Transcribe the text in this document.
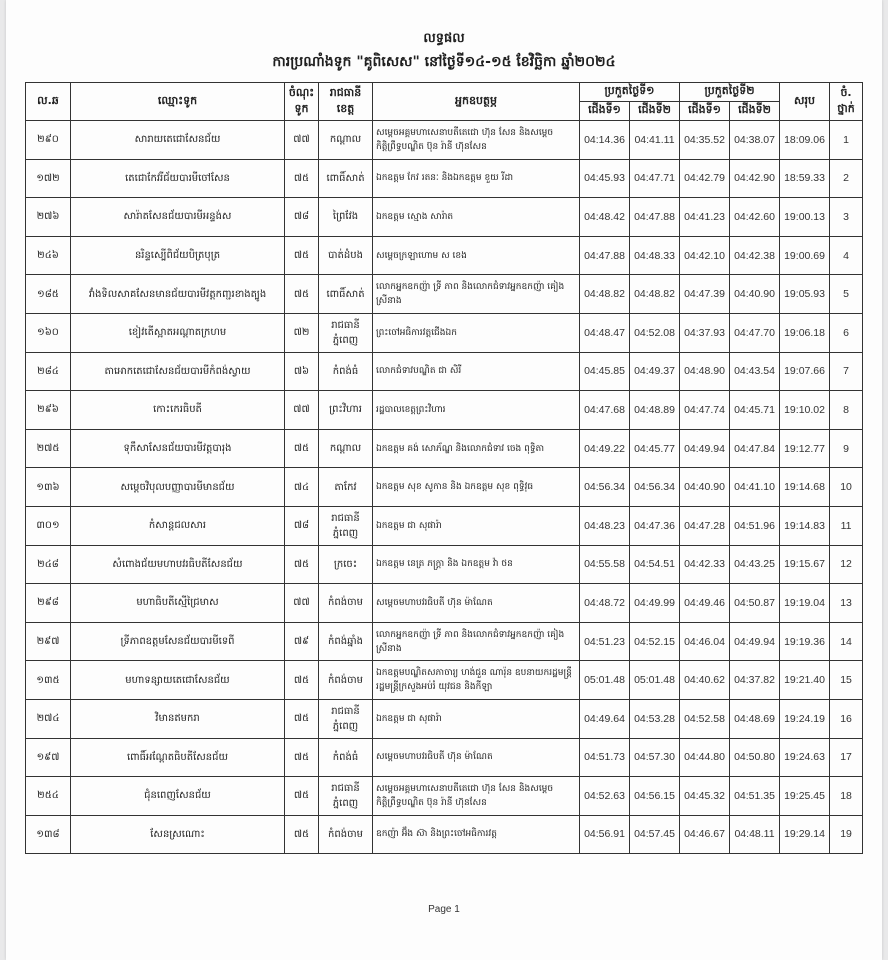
លទ្ធផល
ការប្រណាំងទូក "គូពិសេស" នៅថ្ងៃទី១៤-១៥ ខែវិច្ឆិកា ឆ្នាំ២០២៤
ល.ឆ	ឈ្មោះទូក	ចំណុះទូក	រាជធានីខេត្ត	អ្នកឧបត្ថម្ភ	ប្រកួតថ្ងៃទី១		ប្រកួតថ្ងៃទី២		សរុប	ចំ. ថ្នាក់
					ជើងទី១	ជើងទី២	ជើងទី១	ជើងទី២		
២៩០	សារាយតេជោសែនជ័យ	៧៧	កណ្តាល	សម្តេចអគ្គមហាសេនាបតីតេជោ ហ៊ុន សែន និងសម្តេចកិត្តិព្រឹទ្ធបណ្ឌិត ប៊ុន រ៉ានី ហ៊ុនសែន	04:14.36	04:41.11	04:35.52	04:38.07	18:09.06	1
១៧២	តេជោកែវរីជ័យបារមីចៅសែន	៧៥	ពោធិ៍សាត់	ឯកឧត្តម កែវ រតនៈ និងឯកឧត្តម ខួយ រីដា	04:45.93	04:47.71	04:42.79	04:42.90	18:59.33	2
២៧៦	សារ៉ាតសែនជ័យបារមីអន្ទង់ស	៧៨	ព្រៃវែង	ឯកឧត្តម ស្មោង សារ៉ាត	04:48.42	04:47.88	04:41.23	04:42.60	19:00.13	3
២៤៦	នរិន្ទស្បើពិជ័យបិត្របុត្រ	៧៥	បាត់ដំបង	សម្តេចក្រឡាហោម ស ខេង	04:47.88	04:48.33	04:42.10	04:42.38	19:00.69	4
១៨៥	វាំងទិលសាគសែនមានជ័យបារមីវត្តកញ្ជរខាងត្បូង	៧៥	ពោធិ៍សាត់	លោកអ្នកឧកញ៉ា ទ្រី ភាព និងលោកជំទាវអ្នកឧកញ៉ា គៀង ស្រីនាង	04:48.82	04:48.82	04:47.39	04:40.90	19:05.93	5
១៦០	ខៀវតើស្អាតអណ្តាតក្រហម	៧២	រាជធានី ភ្នំពេញ	ព្រះចៅអធិការវត្តជើងឯក	04:48.47	04:52.08	04:37.93	04:47.70	19:06.18	6
២៨៤	តាអោកតេជោសែនជ័យបារមីកំពង់ស្វាយ	៧៦	កំពង់ធំ	លោកជំទាវបណ្ឌិត ជា សិរី	04:45.85	04:49.37	04:48.90	04:43.54	19:07.66	7
២៩៦	កោះកេរធិបតី	៧៧	ព្រះវិហារ	រដ្ឋបាលខេត្តព្រះវិហារ	04:47.68	04:48.89	04:47.74	04:45.71	19:10.02	8
២៧៥	ទុកឹសាសែនជ័យបារមីវត្តបារុង	៧៥	កណ្តាល	ឯកឧត្តម គង់ សោភ័ណ្ឌ និងលោកជំទាវ ចេង ពុទ្ធិតា	04:49.22	04:45.77	04:49.94	04:47.84	19:12.77	9
១៣៦	សម្តេចវិបុលបញ្ញាបារមីមានជ័យ	៧៤	តាកែវ	ឯកឧត្តម សុខ សូកាន និង ឯកឧត្តម សុខ ពុទ្ធិវុធ	04:56.34	04:56.34	04:40.90	04:41.10	19:14.68	10
៣០១	កំសាន្តជលសារ	៧៨	រាជធានីភ្នំពេញ	ឯកឧត្តម ជា សុផារ៉ា	04:48.23	04:47.36	04:47.28	04:51.96	19:14.83	11
២៤៨	សំពោងជ័យមហាបវរធិបតីសែនជ័យ	៧៥	ក្រចេះ	ឯកឧត្តម នេត្រ ភក្ត្រា និង ឯកឧត្តម វ៉ា ថន	04:55.58	04:54.51	04:42.33	04:43.25	19:15.67	12
២៩៨	មហាធិបតីស្មើជ្រៃមាស	៧៧	កំពង់ចាម	សម្តេចមហាបវរធិបតី ហ៊ុន ម៉ាណែត	04:48.72	04:49.99	04:49.46	04:50.87	19:19.04	13
២៩៧	ទ្រីភាពឧត្តមសែនជ័យបារមីទេពី	៧៩	កំពង់ឆ្នាំង	លោកអ្នកឧកញ៉ា ទ្រី ភាព និងលោកជំទាវអ្នកឧកញ៉ា គៀង ស្រីនាង	04:51.23	04:52.15	04:46.04	04:49.94	19:19.36	14
១៣៥	មហាទន្សាយតេជោសែនជ័យ	៧៥	កំពង់ចាម	ឯកឧត្តមបណ្ឌិតសភាចារ្យ ហង់ជួន ណារ៉ុន ឧបនាយករដ្ឋមន្ត្រី រដ្ឋមន្ត្រីក្រសួងអប់រំ យុវជន និងកីឡា	05:01.48	05:01.48	04:40.62	04:37.82	19:21.40	15
២៧៤	វិមានឥមករា	៧៥	រាជធានីភ្នំពេញ	ឯកឧត្តម ជា សុផារ៉ា	04:49.64	04:53.28	04:52.58	04:48.69	19:24.19	16
១៩៧	ពោធិ៍អណ្តែតធិបតីសែនជ័យ	៧៥	កំពង់ធំ	សម្តេចមហាបវរធិបតី ហ៊ុន ម៉ាណែត	04:51.73	04:57.30	04:44.80	04:50.80	19:24.63	17
២៥៤	ជុំនពេញសែនជ័យ	៧៥	រាជធានី ភ្នំពេញ	សម្តេចអគ្គមហាសេនាបតីតេជោ ហ៊ុន សែន និងសម្តេចកិត្តិព្រឹទ្ធបណ្ឌិត ប៊ុន រ៉ានី ហ៊ុនសែន	04:52.63	04:56.15	04:45.32	04:51.35	19:25.45	18
១៣៨	សែនស្រណោះ	៧៥	កំពង់ចាម	ឧកញ៉ា អ៊ឹង ស៊ា និងព្រះចៅអធិការវត្ត	04:56.91	04:57.45	04:46.67	04:48.11	19:29.14	19
Page 1
